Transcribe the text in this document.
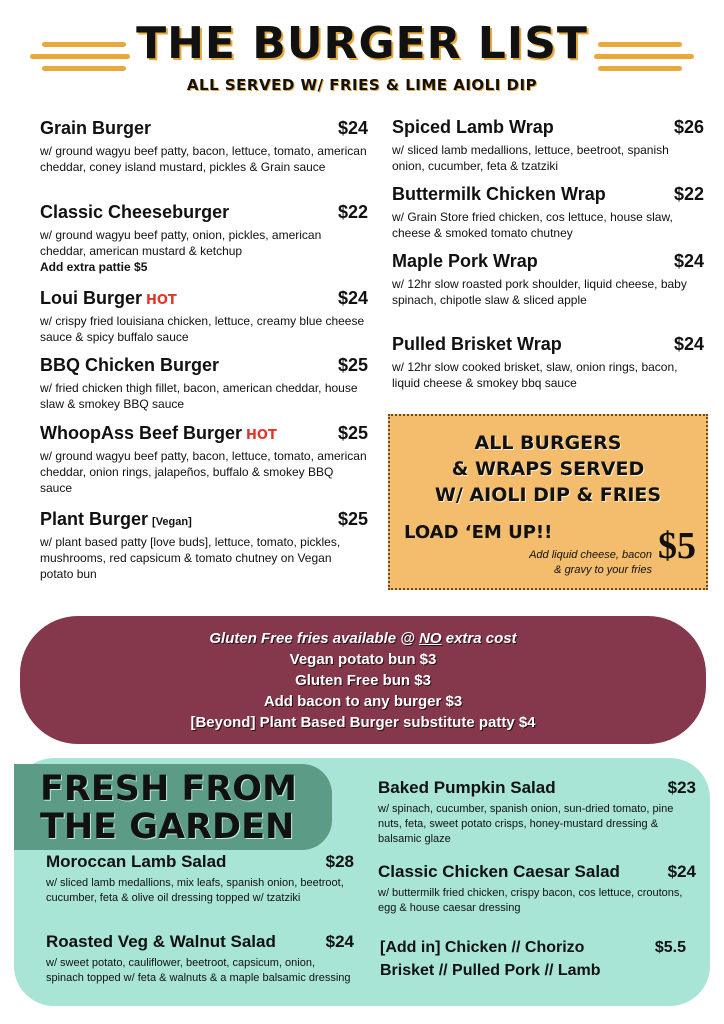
THE BURGER LIST
ALL SERVED W/ FRIES & LIME AIOLI DIP
Grain Burger	$24
w/ ground wagyu beef patty, bacon, lettuce, tomato, american cheddar, coney island mustard, pickles & Grain sauce
Classic Cheeseburger	$22
w/ ground wagyu beef patty, onion, pickles, american cheddar, american mustard & ketchup
Add extra pattie $5
Loui Burger HOT	$24
w/ crispy fried louisiana chicken, lettuce, creamy blue cheese sauce & spicy buffalo sauce
BBQ Chicken Burger	$25
w/ fried chicken thigh fillet, bacon, american cheddar, house slaw & smokey BBQ sauce
WhoopAss Beef Burger HOT	$25
w/ ground wagyu beef patty, bacon, lettuce, tomato, american cheddar, onion rings, jalapeños, buffalo & smokey BBQ sauce
Plant Burger [Vegan]	$25
w/ plant based patty [love buds], lettuce, tomato, pickles, mushrooms, red capsicum & tomato chutney on Vegan potato bun
Spiced Lamb Wrap	$26
w/ sliced lamb medallions, lettuce, beetroot, spanish onion, cucumber, feta & tzatziki
Buttermilk Chicken Wrap	$22
w/ Grain Store fried chicken, cos lettuce, house slaw, cheese & smoked tomato chutney
Maple Pork Wrap	$24
w/ 12hr slow roasted pork shoulder, liquid cheese, baby spinach, chipotle slaw & sliced apple
Pulled Brisket Wrap	$24
w/ 12hr slow cooked brisket, slaw, onion rings, bacon, liquid cheese & smokey bbq sauce
ALL BURGERS
& WRAPS SERVED
W/ AIOLI DIP & FRIES
LOAD ‘EM UP!!
Add liquid cheese, bacon
& gravy to your fries
$5
Gluten Free fries available @ NO extra cost
Vegan potato bun $3
Gluten Free bun $3
Add bacon to any burger $3
[Beyond] Plant Based Burger substitute patty $4
FRESH FROM
THE GARDEN
Moroccan Lamb Salad	$28
w/ sliced lamb medallions, mix leafs, spanish onion, beetroot, cucumber, feta & olive oil dressing topped w/ tzatziki
Roasted Veg & Walnut Salad	$24
w/ sweet potato, cauliflower, beetroot, capsicum, onion, spinach topped w/ feta & walnuts & a maple balsamic dressing
Baked Pumpkin Salad	$23
w/ spinach, cucumber, spanish onion, sun-dried tomato, pine nuts, feta, sweet potato crisps, honey-mustard dressing & balsamic glaze
Classic Chicken Caesar Salad	$24
w/ buttermilk fried chicken, crispy bacon, cos lettuce, croutons, egg & house caesar dressing
[Add in] Chicken // Chorizo	$5.5
Brisket // Pulled Pork // Lamb
